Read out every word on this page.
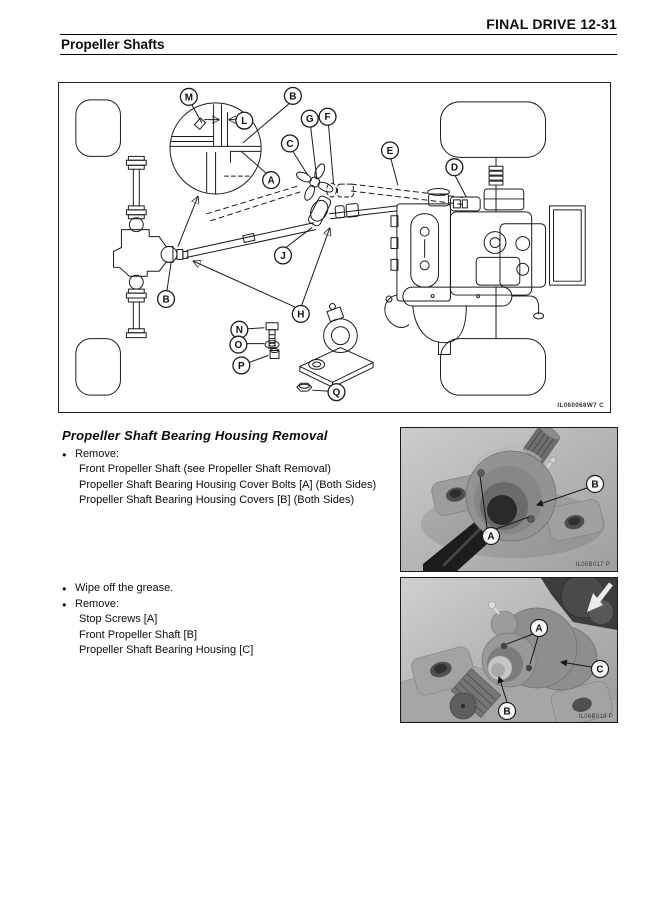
FINAL DRIVE 12-31
Propeller Shafts
M	B
L	G F
C
E
D
A
J
B
H
N
O
P
Q
IL060068W7 C
Propeller Shaft Bearing Housing Removal
● Remove:
Front Propeller Shaft (see Propeller Shaft Removal)
Propeller Shaft Bearing Housing Cover Bolts [A] (Both Sides)
Propeller Shaft Bearing Housing Covers [B] (Both Sides)
A
B
IL06B017 P
● Wipe off the grease.
● Remove:
Stop Screws [A]
Front Propeller Shaft [B]
Propeller Shaft Bearing Housing [C]
A
B
C
IL06B018 P
